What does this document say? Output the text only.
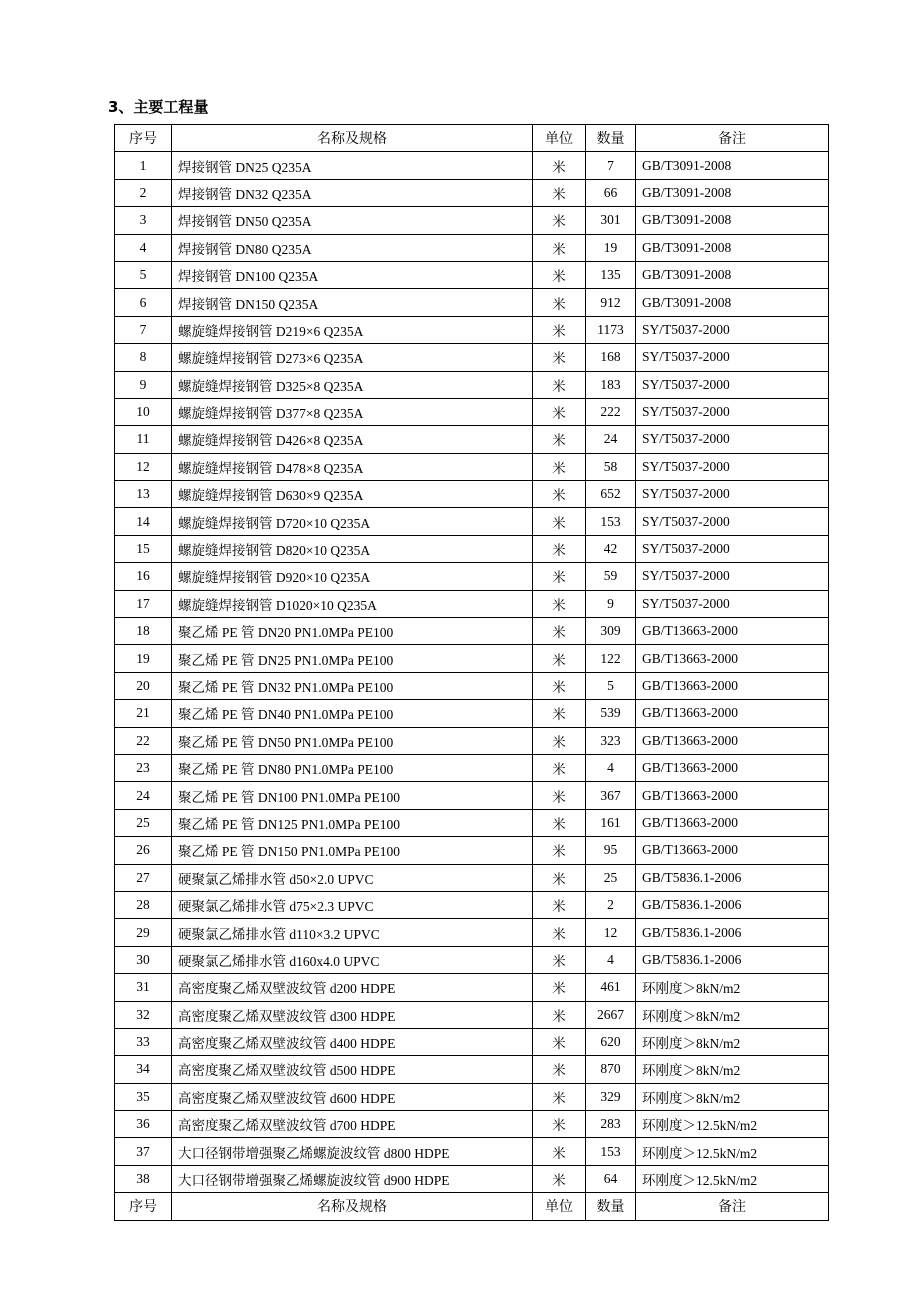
3、主要工程量
序号	名称及规格	单位	数量	备注
1	焊接钢管 DN25 Q235A	米	7	GB/T3091-2008
2	焊接钢管 DN32 Q235A	米	66	GB/T3091-2008
3	焊接钢管 DN50 Q235A	米	301	GB/T3091-2008
4	焊接钢管 DN80 Q235A	米	19	GB/T3091-2008
5	焊接钢管 DN100 Q235A	米	135	GB/T3091-2008
6	焊接钢管 DN150 Q235A	米	912	GB/T3091-2008
7	螺旋缝焊接钢管 D219×6 Q235A	米	1173	SY/T5037-2000
8	螺旋缝焊接钢管 D273×6 Q235A	米	168	SY/T5037-2000
9	螺旋缝焊接钢管 D325×8 Q235A	米	183	SY/T5037-2000
10	螺旋缝焊接钢管 D377×8 Q235A	米	222	SY/T5037-2000
11	螺旋缝焊接钢管 D426×8 Q235A	米	24	SY/T5037-2000
12	螺旋缝焊接钢管 D478×8 Q235A	米	58	SY/T5037-2000
13	螺旋缝焊接钢管 D630×9 Q235A	米	652	SY/T5037-2000
14	螺旋缝焊接钢管 D720×10 Q235A	米	153	SY/T5037-2000
15	螺旋缝焊接钢管 D820×10 Q235A	米	42	SY/T5037-2000
16	螺旋缝焊接钢管 D920×10 Q235A	米	59	SY/T5037-2000
17	螺旋缝焊接钢管 D1020×10 Q235A	米	9	SY/T5037-2000
18	聚乙烯 PE 管 DN20 PN1.0MPa PE100	米	309	GB/T13663-2000
19	聚乙烯 PE 管 DN25 PN1.0MPa PE100	米	122	GB/T13663-2000
20	聚乙烯 PE 管 DN32 PN1.0MPa PE100	米	5	GB/T13663-2000
21	聚乙烯 PE 管 DN40 PN1.0MPa PE100	米	539	GB/T13663-2000
22	聚乙烯 PE 管 DN50 PN1.0MPa PE100	米	323	GB/T13663-2000
23	聚乙烯 PE 管 DN80 PN1.0MPa PE100	米	4	GB/T13663-2000
24	聚乙烯 PE 管 DN100 PN1.0MPa PE100	米	367	GB/T13663-2000
25	聚乙烯 PE 管 DN125 PN1.0MPa PE100	米	161	GB/T13663-2000
26	聚乙烯 PE 管 DN150 PN1.0MPa PE100	米	95	GB/T13663-2000
27	硬聚氯乙烯排水管 d50×2.0 UPVC	米	25	GB/T5836.1-2006
28	硬聚氯乙烯排水管 d75×2.3 UPVC	米	2	GB/T5836.1-2006
29	硬聚氯乙烯排水管 d110×3.2 UPVC	米	12	GB/T5836.1-2006
30	硬聚氯乙烯排水管 d160x4.0 UPVC	米	4	GB/T5836.1-2006
31	高密度聚乙烯双壁波纹管 d200 HDPE	米	461	环刚度＞8kN/m2
32	高密度聚乙烯双壁波纹管 d300 HDPE	米	2667	环刚度＞8kN/m2
33	高密度聚乙烯双壁波纹管 d400 HDPE	米	620	环刚度＞8kN/m2
34	高密度聚乙烯双壁波纹管 d500 HDPE	米	870	环刚度＞8kN/m2
35	高密度聚乙烯双壁波纹管 d600 HDPE	米	329	环刚度＞8kN/m2
36	高密度聚乙烯双壁波纹管 d700 HDPE	米	283	环刚度＞12.5kN/m2
37	大口径钢带增强聚乙烯螺旋波纹管 d800 HDPE	米	153	环刚度＞12.5kN/m2
38	大口径钢带增强聚乙烯螺旋波纹管 d900 HDPE	米	64	环刚度＞12.5kN/m2
序号	名称及规格	单位	数量	备注
